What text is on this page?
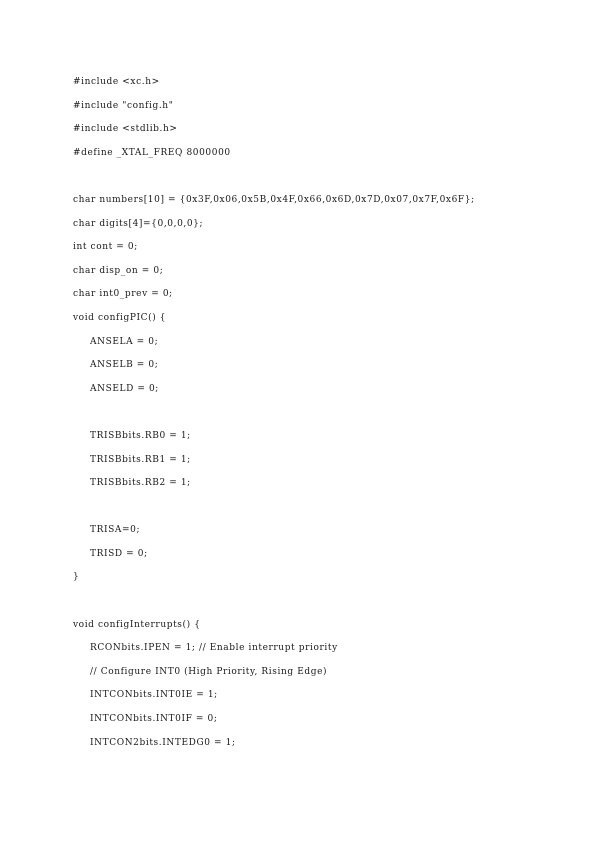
#include <xc.h>
#include "config.h"
#include <stdlib.h>
#define _XTAL_FREQ 8000000
char numbers[10] = {0x3F,0x06,0x5B,0x4F,0x66,0x6D,0x7D,0x07,0x7F,0x6F};
char digits[4]={0,0,0,0};
int cont = 0;
char disp_on = 0;
char int0_prev = 0;
void configPIC() {
ANSELA = 0;
ANSELB = 0;
ANSELD = 0;
TRISBbits.RB0 = 1;
TRISBbits.RB1 = 1;
TRISBbits.RB2 = 1;
TRISA=0;
TRISD = 0;
}
void configInterrupts() {
RCONbits.IPEN = 1; // Enable interrupt priority
// Configure INT0 (High Priority, Rising Edge)
INTCONbits.INT0IE = 1;
INTCONbits.INT0IF = 0;
INTCON2bits.INTEDG0 = 1;
